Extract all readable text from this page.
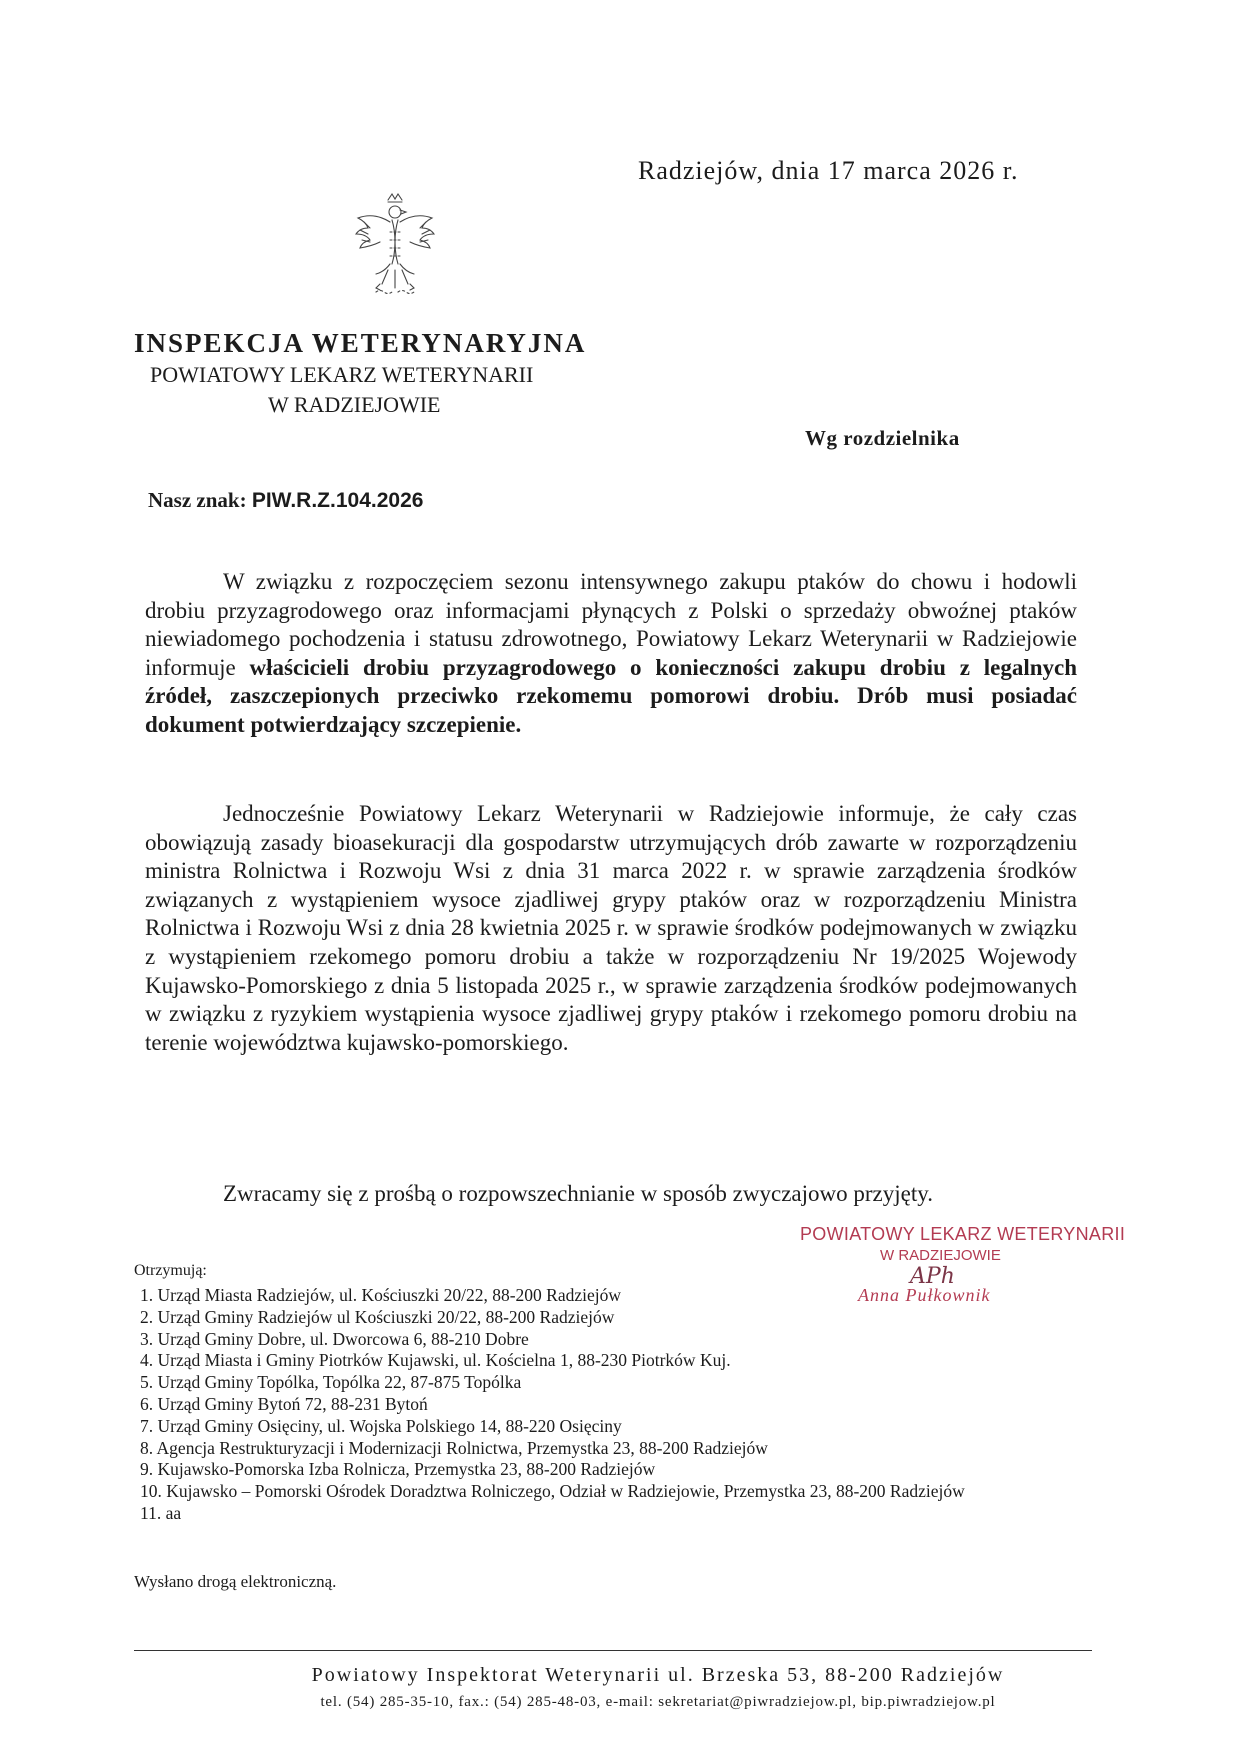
Radziejów, dnia 17 marca 2026 r.
INSPEKCJA WETERYNARYJNA
POWIATOWY LEKARZ WETERYNARII
W RADZIEJOWIE
Wg rozdzielnika
Nasz znak: PIW.R.Z.104.2026
W związku z rozpoczęciem sezonu intensywnego zakupu ptaków do chowu i hodowli drobiu przyzagrodowego oraz informacjami płynących z Polski o sprzedaży obwoźnej ptaków niewiadomego pochodzenia i statusu zdrowotnego, Powiatowy Lekarz Weterynarii w Radziejowie informuje właścicieli drobiu przyzagrodowego o konieczności zakupu drobiu z legalnych źródeł, zaszczepionych przeciwko rzekomemu pomorowi drobiu. Drób musi posiadać dokument potwierdzający szczepienie.
Jednocześnie Powiatowy Lekarz Weterynarii w Radziejowie informuje, że cały czas obowiązują zasady bioasekuracji dla gospodarstw utrzymujących drób zawarte w rozporządzeniu ministra Rolnictwa i Rozwoju Wsi z dnia 31 marca 2022 r. w sprawie zarządzenia środków związanych z wystąpieniem wysoce zjadliwej grypy ptaków oraz w rozporządzeniu Ministra Rolnictwa i Rozwoju Wsi z dnia 28 kwietnia 2025 r. w sprawie środków podejmowanych w związku z wystąpieniem rzekomego pomoru drobiu a także w rozporządzeniu Nr 19/2025 Wojewody Kujawsko-Pomorskiego z dnia 5 listopada 2025 r., w sprawie zarządzenia środków podejmowanych w związku z ryzykiem wystąpienia wysoce zjadliwej grypy ptaków i rzekomego pomoru drobiu na terenie województwa kujawsko-pomorskiego.
Zwracamy się z prośbą o rozpowszechnianie w sposób zwyczajowo przyjęty.
POWIATOWY LEKARZ WETERYNARII
W RADZIEJOWIE
APh
Anna Pułkownik
Otrzymują:
1. Urząd Miasta Radziejów, ul. Kościuszki 20/22, 88-200 Radziejów
2. Urząd Gminy Radziejów ul Kościuszki 20/22, 88-200 Radziejów
3. Urząd Gminy Dobre, ul. Dworcowa 6, 88-210 Dobre
4. Urząd Miasta i Gminy Piotrków Kujawski, ul. Kościelna 1, 88-230 Piotrków Kuj.
5. Urząd Gminy Topólka, Topólka 22, 87-875 Topólka
6. Urząd Gminy Bytoń 72, 88-231 Bytoń
7. Urząd Gminy Osięciny, ul. Wojska Polskiego 14, 88-220 Osięciny
8. Agencja Restrukturyzacji i Modernizacji Rolnictwa, Przemystka 23, 88-200 Radziejów
9. Kujawsko-Pomorska Izba Rolnicza, Przemystka 23, 88-200 Radziejów
10. Kujawsko – Pomorski Ośrodek Doradztwa Rolniczego, Odział w Radziejowie, Przemystka 23, 88-200 Radziejów
11. aa
Wysłano drogą elektroniczną.
Powiatowy Inspektorat Weterynarii ul. Brzeska 53, 88-200 Radziejów
tel. (54) 285-35-10, fax.: (54) 285-48-03, e-mail: sekretariat@piwradziejow.pl, bip.piwradziejow.pl
